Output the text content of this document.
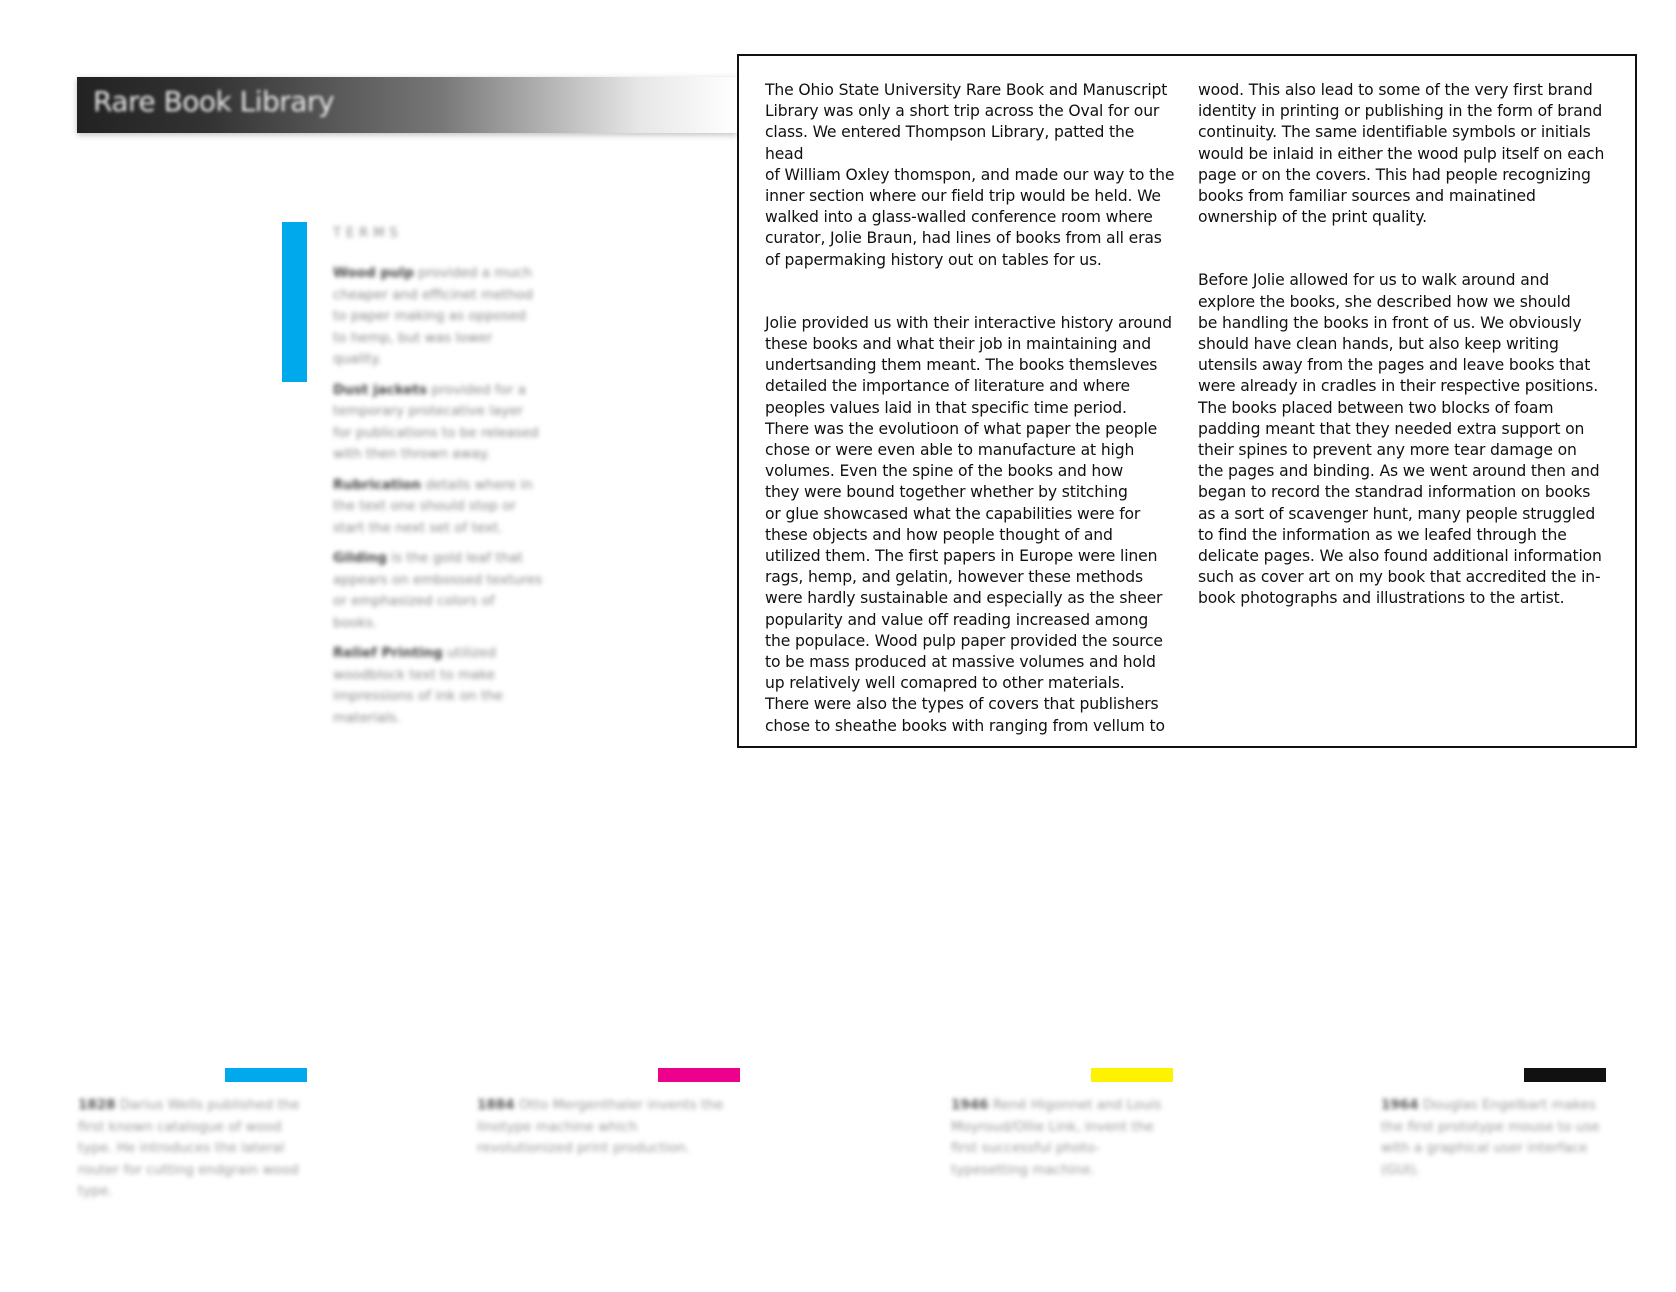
Rare Book Library
TERMS
Wood pulp provided a much cheaper and efficinet method to paper making as opposed to hemp, but was lower quality.
Dust jackets provided for a temporary protecative layer for publications to be released with then thrown away.
Rubrication details where in the text one should stop or start the next set of text.
Gilding is the gold leaf that appears on embossed textures or emphasized colors of books.
Relief Printing utilized woodblock text to make impressions of ink on the materials.

The Ohio State University Rare Book and Manuscript
Library was only a short trip across the Oval for our
class. We entered Thompson Library, patted the head
of William Oxley thomspon, and made our way to the
inner section where our field trip would be held. We
walked into a glass-walled conference room where
curator, Jolie Braun, had lines of books from all eras
of papermaking history out on tables for us.

Jolie provided us with their interactive history around
these books and what their job in maintaining and
undertsanding them meant. The books themsleves
detailed the importance of literature and where
peoples values laid in that specific time period.
There was the evolutioon of what paper the people
chose or were even able to manufacture at high
volumes. Even the spine of the books and how
they were bound together whether by stitching
or glue showcased what the capabilities were for
these objects and how people thought of and
utilized them. The first papers in Europe were linen
rags, hemp, and gelatin, however these methods
were hardly sustainable and especially as the sheer
popularity and value off reading increased among
the populace. Wood pulp paper provided the source
to be mass produced at massive volumes and hold
up relatively well comapred to other materials.
There were also the types of covers that publishers
chose to sheathe books with ranging from vellum to

wood. This also lead to some of the very first brand
identity in printing or publishing in the form of brand
continuity. The same identifiable symbols or initials
would be inlaid in either the wood pulp itself on each
page or on the covers. This had people recognizing
books from familiar sources and mainatined
ownership of the print quality.

Before Jolie allowed for us to walk around and
explore the books, she described how we should
be handling the books in front of us. We obviously
should have clean hands, but also keep writing
utensils away from the pages and leave books that
were already in cradles in their respective positions.
The books placed between two blocks of foam
padding meant that they needed extra support on
their spines to prevent any more tear damage on
the pages and binding. As we went around then and
began to record the standrad information on books
as a sort of scavenger hunt, many people struggled
to find the information as we leafed through the
delicate pages. We also found additional information
such as cover art on my book that accredited the in-
book photographs and illustrations to the artist.

1828 Darius Wells published the first known catalogue of wood type. He introduces the lateral router for cutting endgrain wood type.
1884 Otto Mergenthaler invents the linotype machine which revolutionized print production.
1946 René Higonnet and Louis Moyroud/Ollie Link, invent the first successful phototypesetting machine.
1964 Douglas Engelbart makes the first prototype mouse to use with a graphical user interface (GUI).
